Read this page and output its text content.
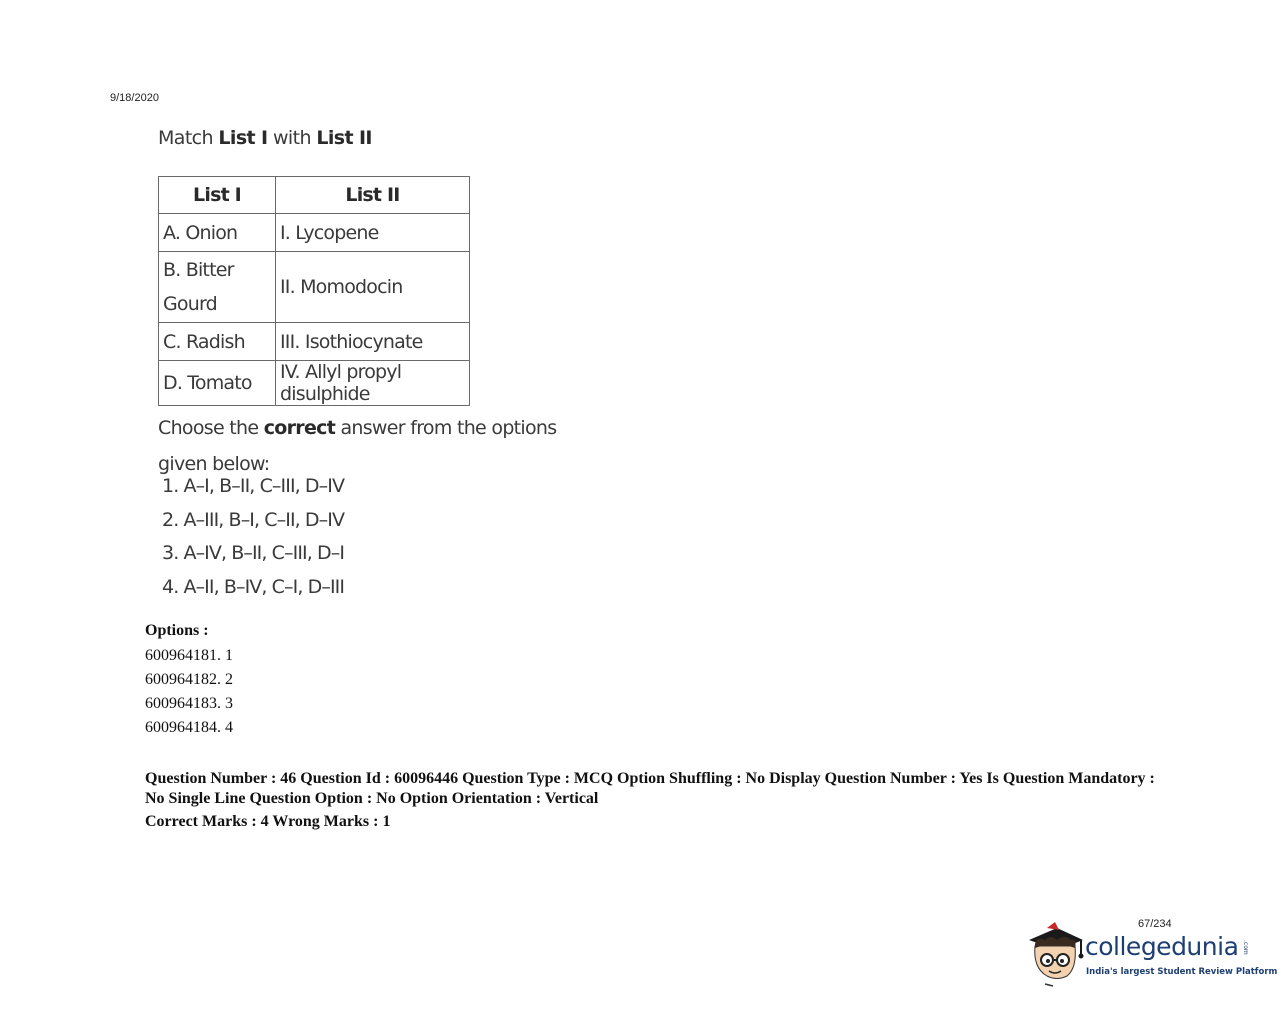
9/18/2020

Match List I with List II

List I	List II
A. Onion	I. Lycopene
B. Bitter
Gourd	II. Momodocin
C. Radish	III. Isothiocynate
D. Tomato	IV. Allyl propyl disulphide

Choose the correct answer from the options given below:

1. A–I, B–II, C–III, D–IV
2. A–III, B–I, C–II, D–IV
3. A–IV, B–II, C–III, D–I
4. A–II, B–IV, C–I, D–III
Options :
600964181. 1
600964182. 2
600964183. 3
600964184. 4
Question Number : 46 Question Id : 60096446 Question Type : MCQ Option Shuffling : No Display Question Number : Yes Is Question Mandatory : No Single Line Question Option : No Option Orientation : Vertical
Correct Marks : 4 Wrong Marks : 1
67/234
collegedunia .com
India's largest Student Review Platform
